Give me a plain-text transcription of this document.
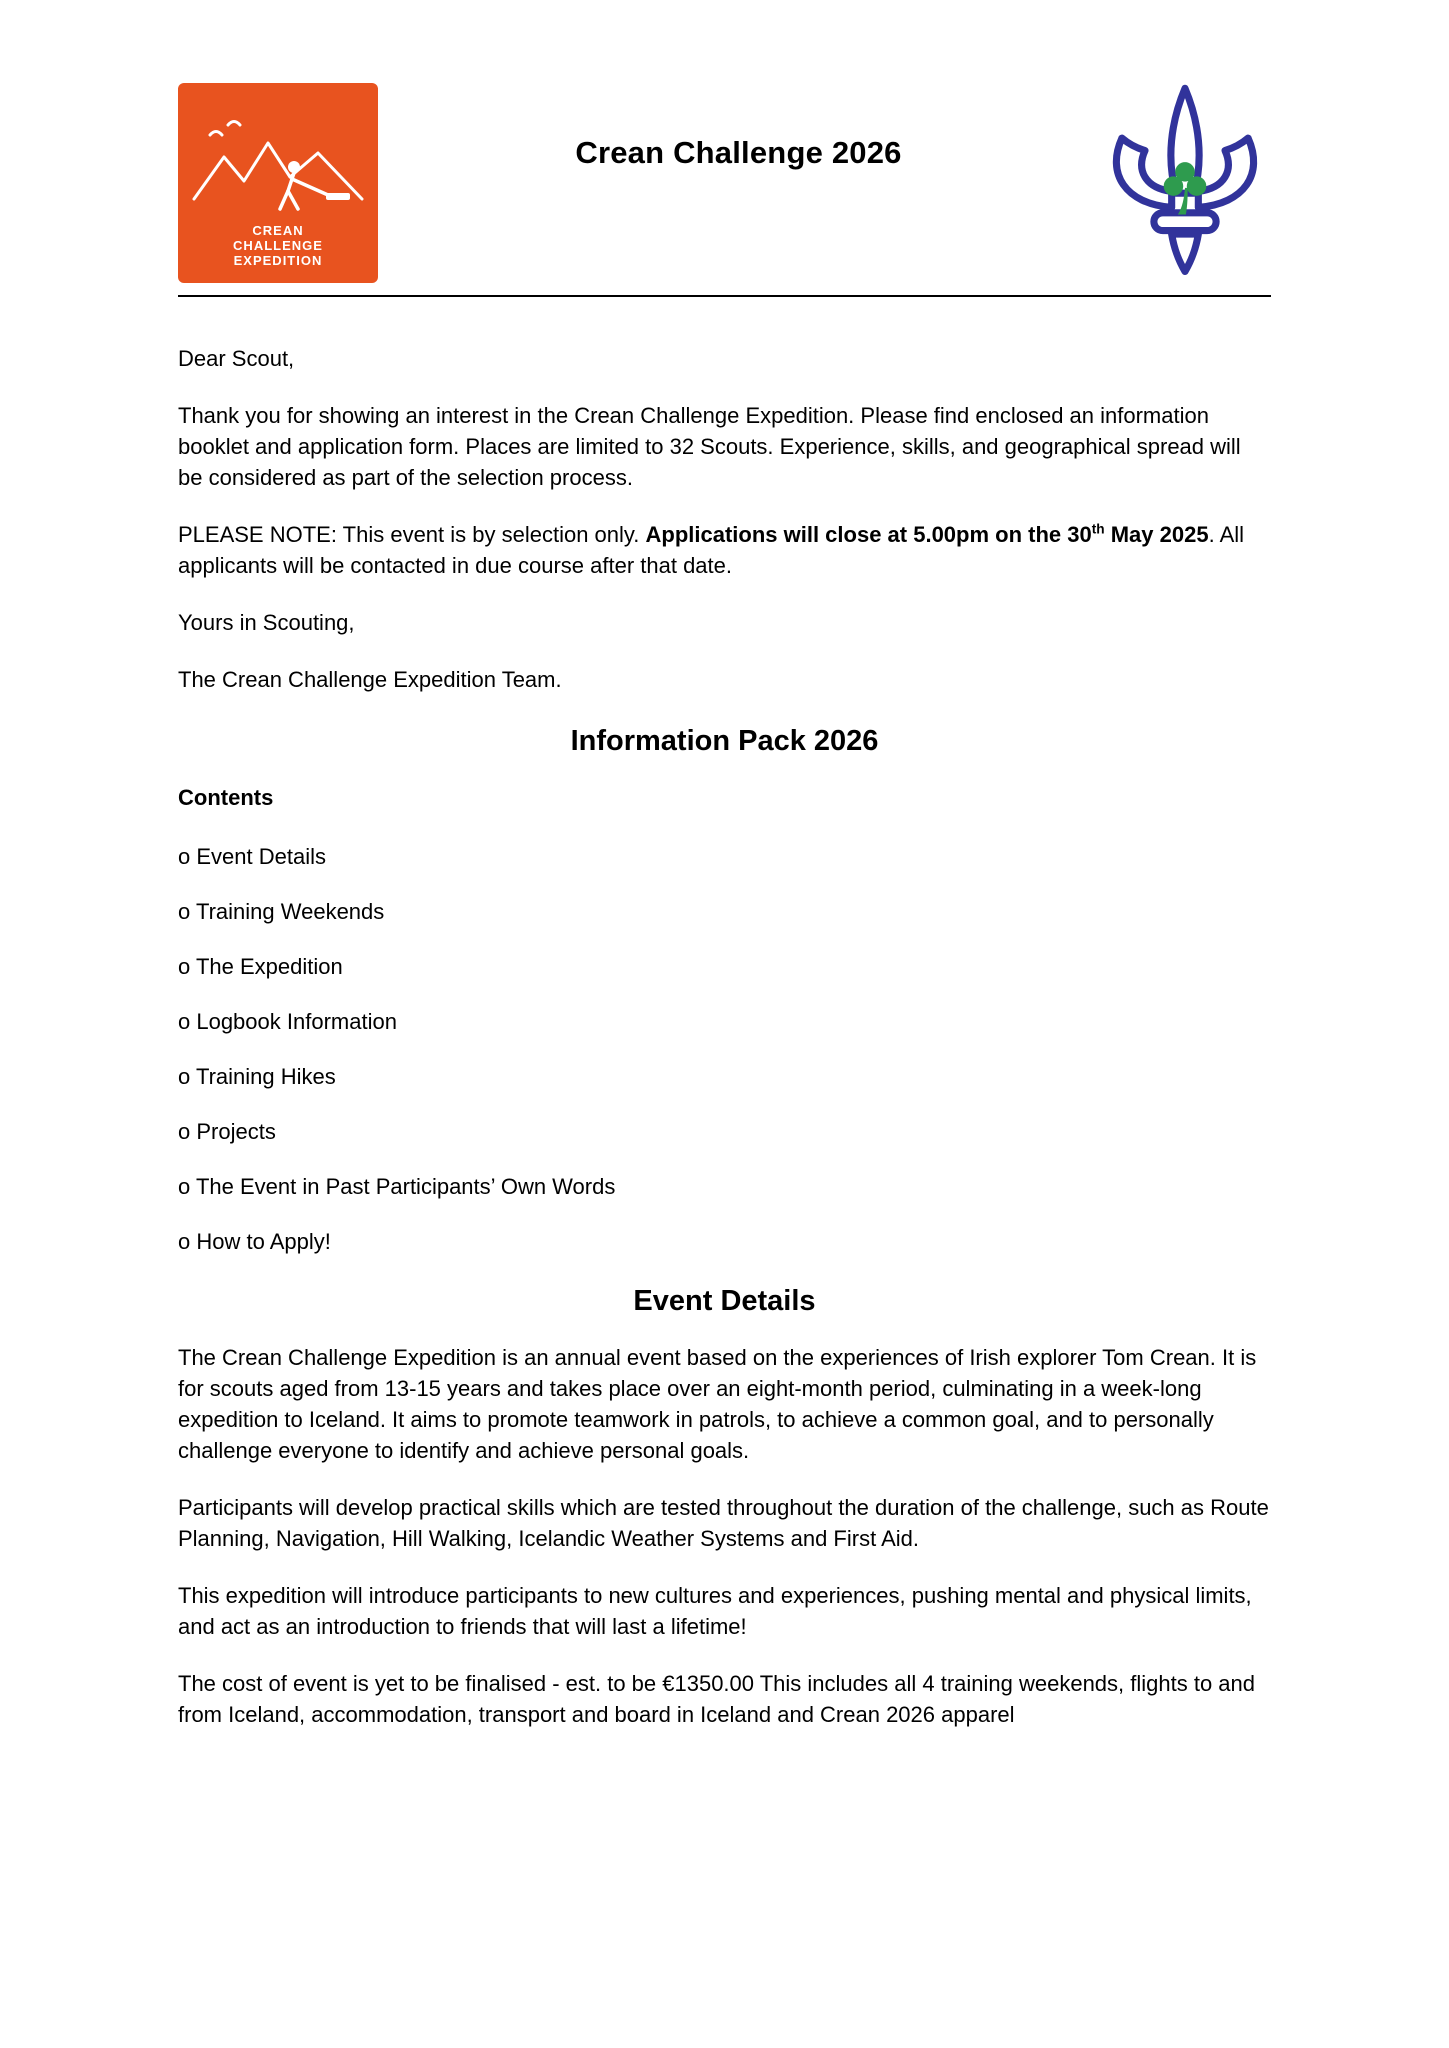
CREAN
CHALLENGE
EXPEDITION
Crean Challenge 2026

Dear Scout,

Thank you for showing an interest in the Crean Challenge Expedition. Please find enclosed an information booklet and application form. Places are limited to 32 Scouts. Experience, skills, and geographical spread will be considered as part of the selection process.

PLEASE NOTE: This event is by selection only. Applications will close at 5.00pm on the 30th May 2025. All applicants will be contacted in due course after that date.

Yours in Scouting,

The Crean Challenge Expedition Team.

Information Pack 2026
Contents
o Event Details
o Training Weekends
o The Expedition
o Logbook Information
o Training Hikes
o Projects
o The Event in Past Participants’ Own Words
o How to Apply!
Event Details

The Crean Challenge Expedition is an annual event based on the experiences of Irish explorer Tom Crean. It is for scouts aged from 13-15 years and takes place over an eight-month period, culminating in a week-long expedition to Iceland. It aims to promote teamwork in patrols, to achieve a common goal, and to personally challenge everyone to identify and achieve personal goals.

Participants will develop practical skills which are tested throughout the duration of the challenge, such as Route Planning, Navigation, Hill Walking, Icelandic Weather Systems and First Aid.

This expedition will introduce participants to new cultures and experiences, pushing mental and physical limits, and act as an introduction to friends that will last a lifetime!

The cost of event is yet to be finalised - est. to be €1350.00 This includes all 4 training weekends, flights to and from Iceland, accommodation, transport and board in Iceland and Crean 2026 apparel
